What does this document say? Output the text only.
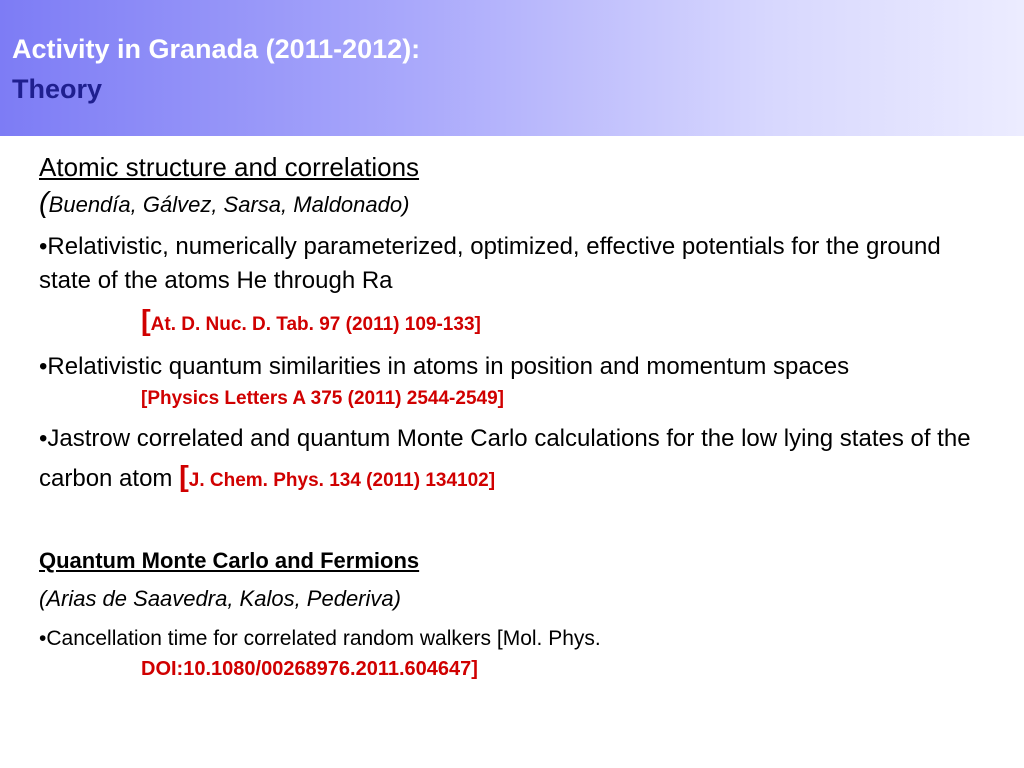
Activity in Granada (2011-2012):
Theory
Atomic structure and correlations
(Buendía, Gálvez, Sarsa, Maldonado)
•Relativistic, numerically parameterized, optimized, effective potentials for the ground state of the atoms He through Ra
[At. D. Nuc. D. Tab. 97 (2011) 109-133]
•Relativistic quantum similarities in atoms in position and momentum spaces
[Physics Letters A 375 (2011) 2544-2549]
•Jastrow correlated and quantum Monte Carlo calculations for the low lying states of the carbon atom [J. Chem. Phys. 134 (2011) 134102]
Quantum Monte Carlo and Fermions
(Arias de Saavedra, Kalos, Pederiva)
•Cancellation time for correlated random walkers [Mol. Phys.
DOI:10.1080/00268976.2011.604647]
